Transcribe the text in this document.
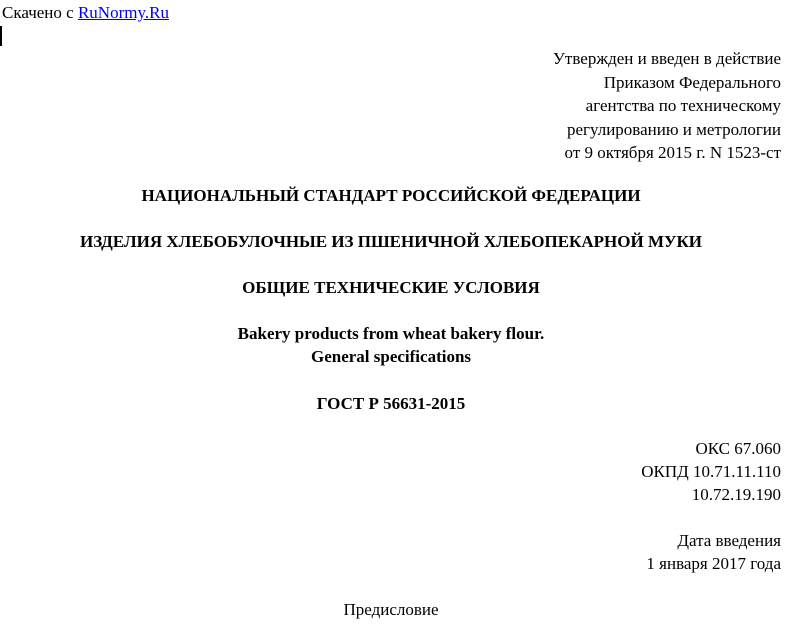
Скачено с RuNormy.Ru
Утвержден и введен в действие
Приказом Федерального
агентства по техническому
регулированию и метрологии
от 9 октября 2015 г. N 1523-ст
НАЦИОНАЛЬНЫЙ СТАНДАРТ РОССИЙСКОЙ ФЕДЕРАЦИИ
ИЗДЕЛИЯ ХЛЕБОБУЛОЧНЫЕ ИЗ ПШЕНИЧНОЙ ХЛЕБОПЕКАРНОЙ МУКИ
ОБЩИЕ ТЕХНИЧЕСКИЕ УСЛОВИЯ
Bakery products from wheat bakery flour.
General specifications
ГОСТ Р 56631-2015
ОКС 67.060
ОКПД 10.71.11.110
10.72.19.190
Дата введения
1 января 2017 года
Предисловие
